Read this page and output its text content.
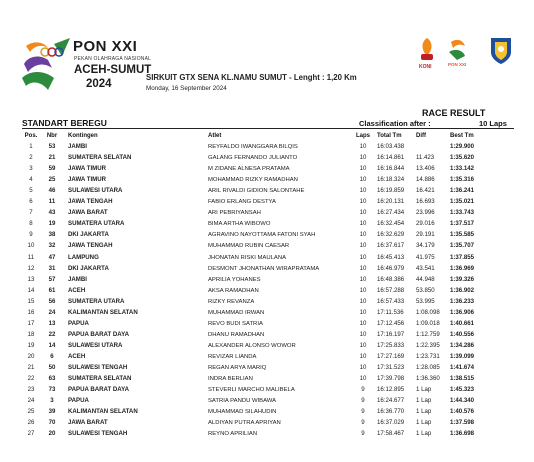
PON XXI
PEKAN OLAHRAGA NASIONAL
ACEH-SUMUT
2024
KONI	PON XXI
SIRKUIT GTX SENA KL.NAMU SUMUT - Lenght : 1,20 Km
Monday, 16 September 2024
RACE RESULT
Classification after :	10 Laps
STANDART BEREGU
Pos.	Nbr	Kontingen	Atlet	Laps Total Tm Diff	Best Tm
1	53	JAMBI	REYFALDO IWANGGARA BILQIS	10	16:03.438	1:29.900
2	21	SUMATERA SELATAN	GALANG FERNANDO JULIANTO	10	16:14.861 11.423	1:35.620
3	59	JAWA TIMUR	M ZIDANE ALNESA PRATAMA	10	16:16.844 13.406	1:33.142
4	25	JAWA TIMUR	MOHAMMAD RIZKY RAMADHAN	10	16:18.324 14.886	1:35.316
5	46	SULAWESI UTARA	ARIL RIVALDI GIDION SALONTAHE	10	16:19.859 16.421	1:36.241
6	11	JAWA TENGAH	FABIO ERLANG DESTYA	10	16:20.131 16.693	1:35.021
7	43	JAWA BARAT	ARI PEBRIYANSAH	10	16:27.434 23.996	1:33.743
8	19	SUMATERA UTARA	BIMA ARTHA WIBOWO	10	16:32.454 29.016	1:37.517
9	38	DKI JAKARTA	AGRAVINO NAYOTTAMA FATONI SYAH	10	16:32.629 29.191	1:35.585
10	32	JAWA TENGAH	MUHAMMAD RUBIN CAESAR	10	16:37.617 34.179	1:35.707
11	47	LAMPUNG	JHONATAN RISKI MAULANA	10	16:45.413 41.975	1:37.855
12	31	DKI JAKARTA	DESMONT JHONATHAN WIRAPRATAMA	10	16:46.979 43.541	1:36.969
13	57	JAMBI	APRILIA YOHANES	10	16:48.386 44.948	1:39.326
14	61	ACEH	AKSA RAMADHAN	10	16:57.288 53.850	1:36.902
15	56	SUMATERA UTARA	RIZKY REVANZA	10	16:57.433 53.995	1:36.233
16	24	KALIMANTAN SELATAN	MUHAMMAD IRWAN	10	17:11.536 1:08.098 1:36.906
17	13	PAPUA	REVO BUDI SATRIA	10	17:12.456 1:09.018 1:40.661
18	22	PAPUA BARAT DAYA	DHANU RAMADHAN	10	17:16.197 1:12.759 1:40.556
19	14	SULAWESI UTARA	ALEXANDER ALONSO WOWOR	10	17:25.833 1:22.395 1:34.286
20	6	ACEH	REVIZAR LIANDA	10	17:27.169 1:23.731 1:39.099
21	50	SULAWESI TENGAH	REGAN ARYA MARIQ	10	17:31.523 1:28.085 1:41.674
22	63	SUMATERA SELATAN	INDRA BERLIAN	10	17:39.798 1:36.360 1:38.515
23	73	PAPUA BARAT DAYA	STEVERLI MARCHO MALIBELA	9	16:12.895 1 Lap	1:45.323
24	3	PAPUA	SATRIA PANDU WIBAWA	9	16:24.677 1 Lap	1:44.340
25	39	KALIMANTAN SELATAN	MUHAMMAD SILAHUDIN	9	16:36.770 1 Lap	1:40.576
26	70	JAWA BARAT	ALDIYAN PUTRA APRIYAN	9	16:37.029 1 Lap	1:37.598
27	20	SULAWESI TENGAH	REYNO APRILIAN	9	17:58.467 1 Lap	1:36.698
